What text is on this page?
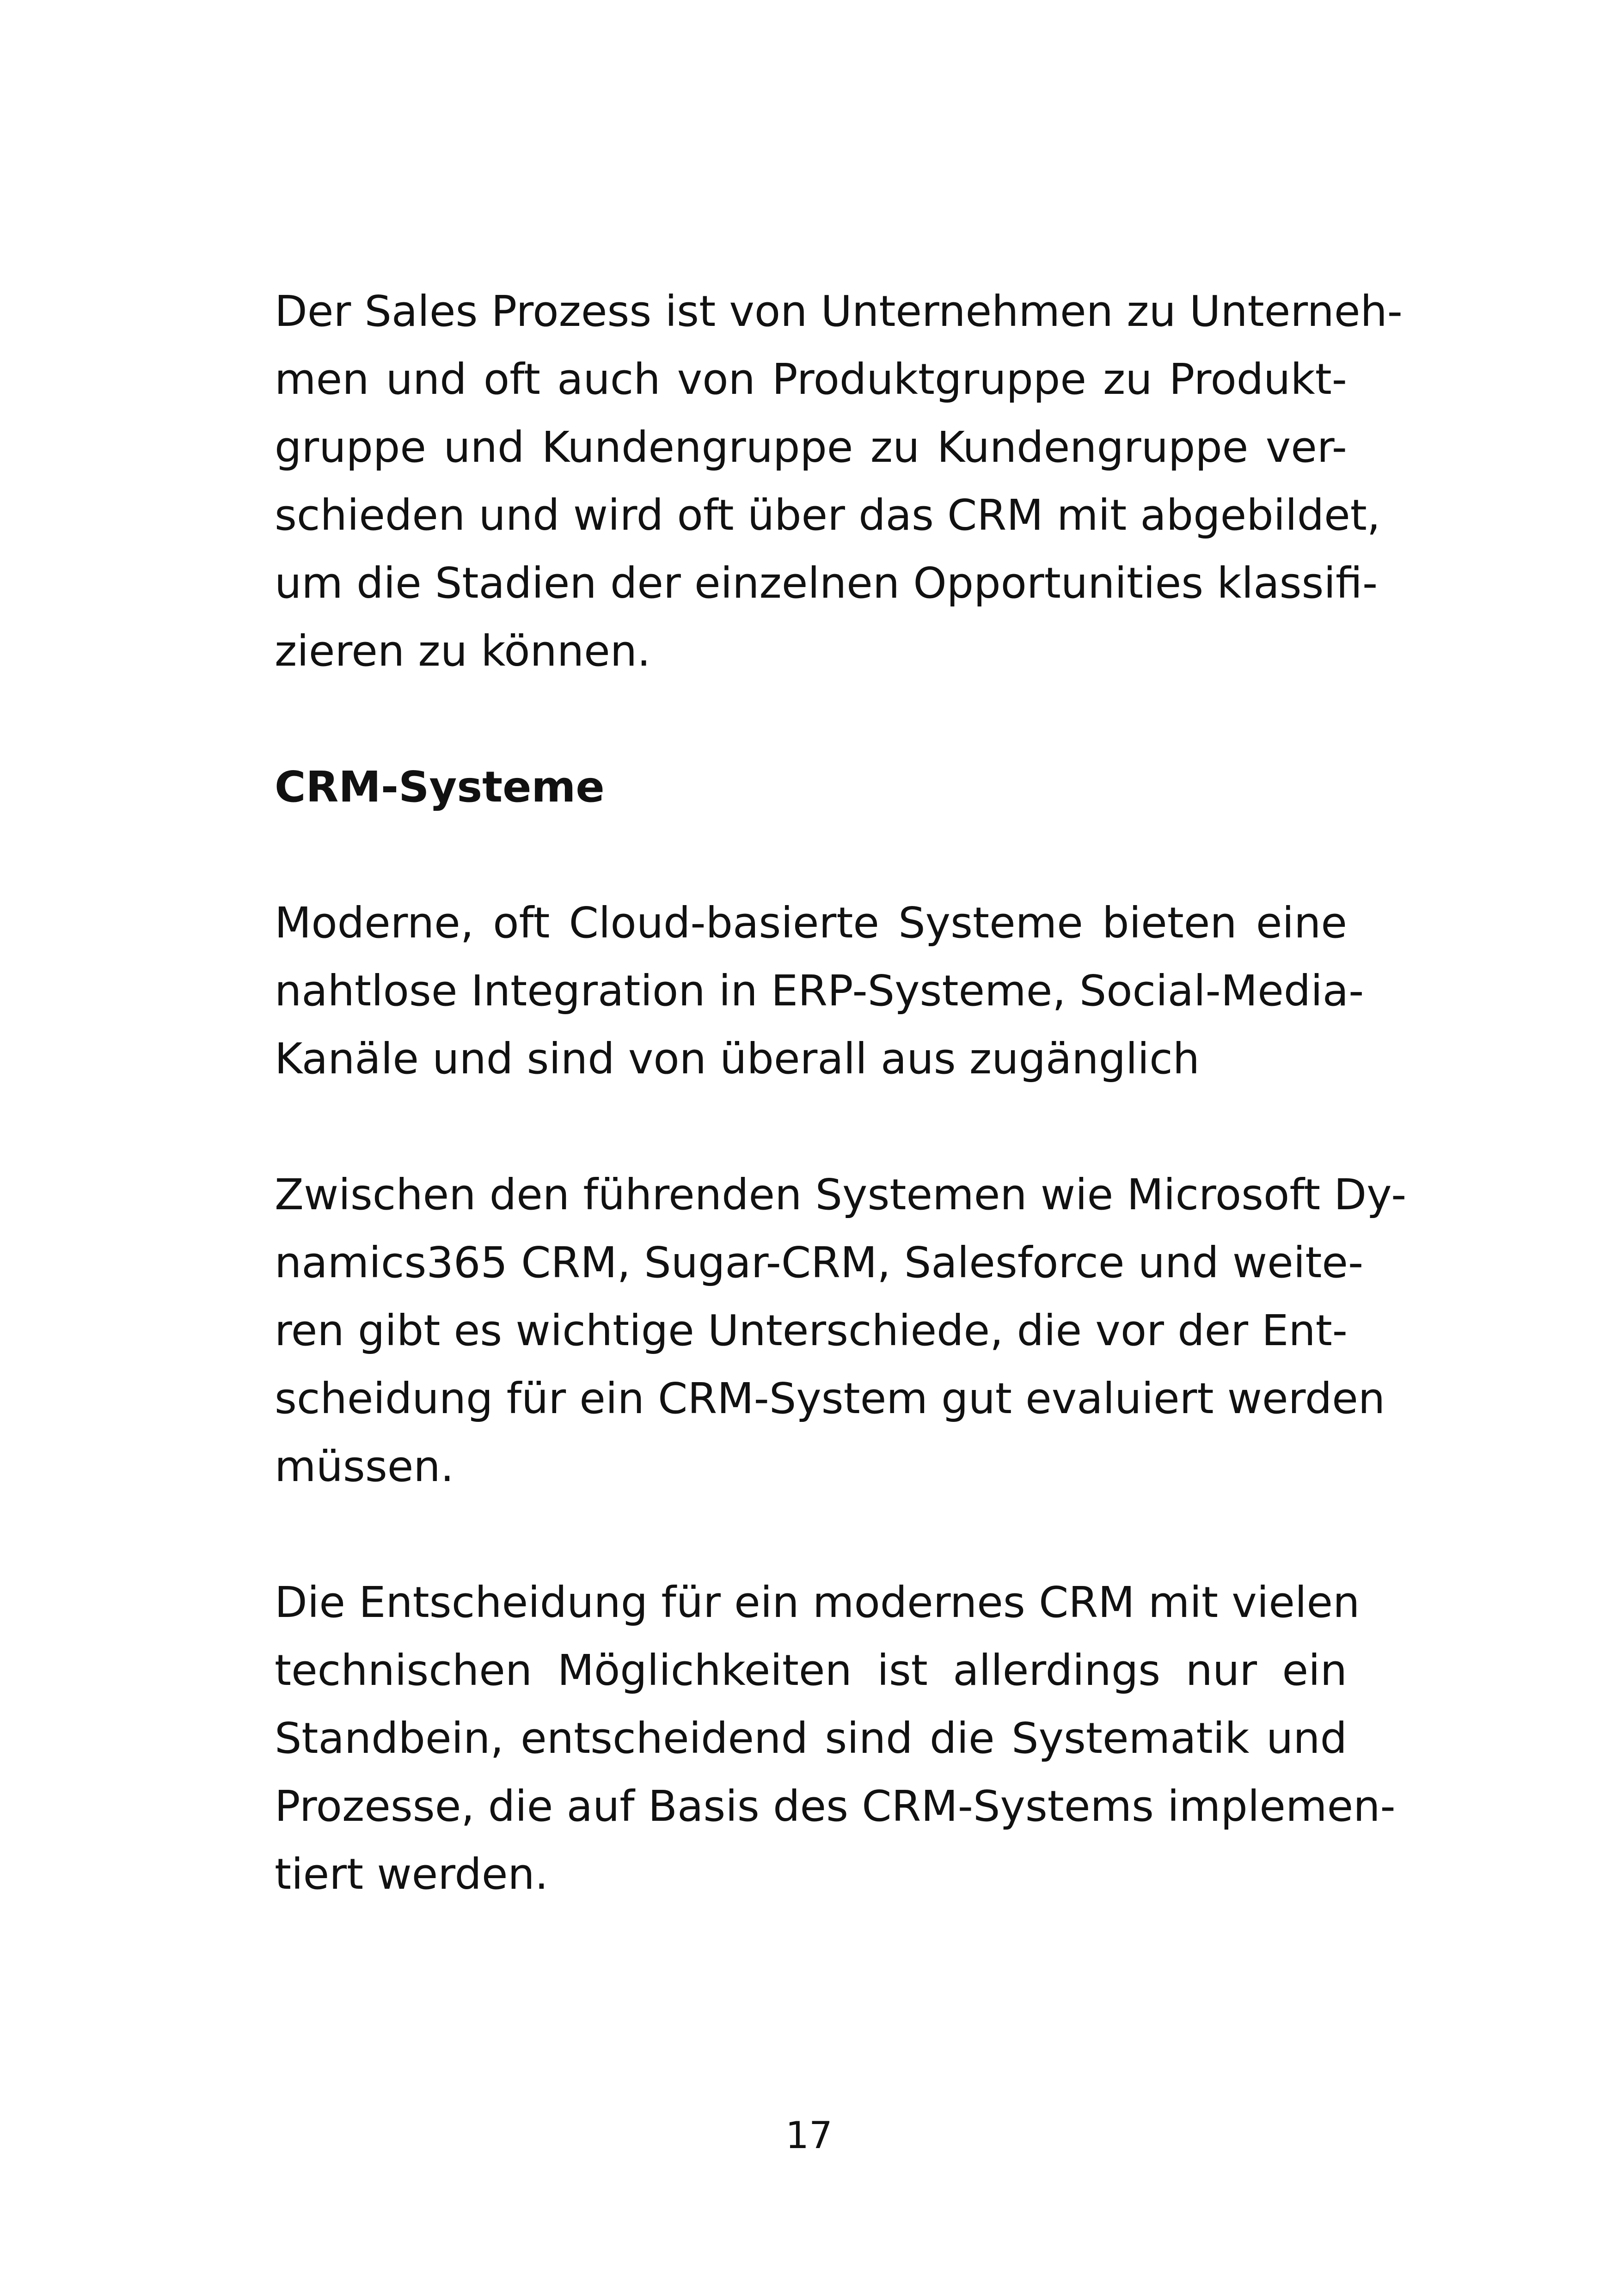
Der Sales Prozess ist von Unternehmen zu Unterneh-
men und oft auch von Produktgruppe zu Produkt-
gruppe und Kundengruppe zu Kundengruppe ver-
schieden und wird oft über das CRM mit abgebildet,
um die Stadien der einzelnen Opportunities klassifi-
zieren zu können.
CRM-Systeme
Moderne, oft Cloud-basierte Systeme bieten eine
nahtlose Integration in ERP-Systeme, Social-Media-
Kanäle und sind von überall aus zugänglich
Zwischen den führenden Systemen wie Microsoft Dy-
namics365 CRM, Sugar-CRM, Salesforce und weite-
ren gibt es wichtige Unterschiede, die vor der Ent-
scheidung für ein CRM-System gut evaluiert werden
müssen.
Die Entscheidung für ein modernes CRM mit vielen
technischen Möglichkeiten ist allerdings nur ein
Standbein, entscheidend sind die Systematik und
Prozesse, die auf Basis des CRM-Systems implemen-
tiert werden.
17
